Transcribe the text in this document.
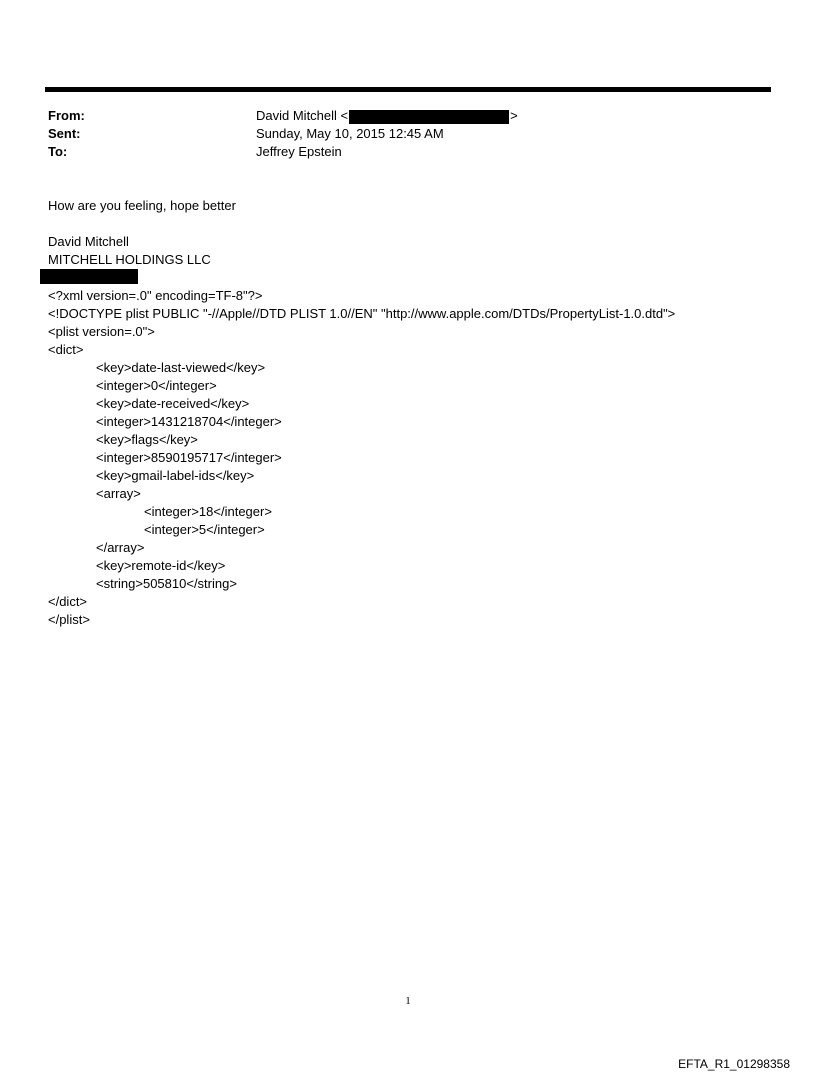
From:	David Mitchell <	>
Sent:	Sunday, May 10, 2015 12:45 AM
To:	Jeffrey Epstein
How are you feeling, hope better
David Mitchell
MITCHELL HOLDINGS LLC
<?xml version=.0" encoding=TF-8"?>
<!DOCTYPE plist PUBLIC "-//Apple//DTD PLIST 1.0//EN" "http://www.apple.com/DTDs/PropertyList-1.0.dtd">
<plist version=.0">
<dict>
<key>date-last-viewed</key>
<integer>0</integer>
<key>date-received</key>
<integer>1431218704</integer>
<key>flags</key>
<integer>8590195717</integer>
<key>gmail-label-ids</key>
<array>
<integer>18</integer>
<integer>5</integer>
</array>
<key>remote-id</key>
<string>505810</string>
</dict>
</plist>
1
EFTA_R1_01298358
